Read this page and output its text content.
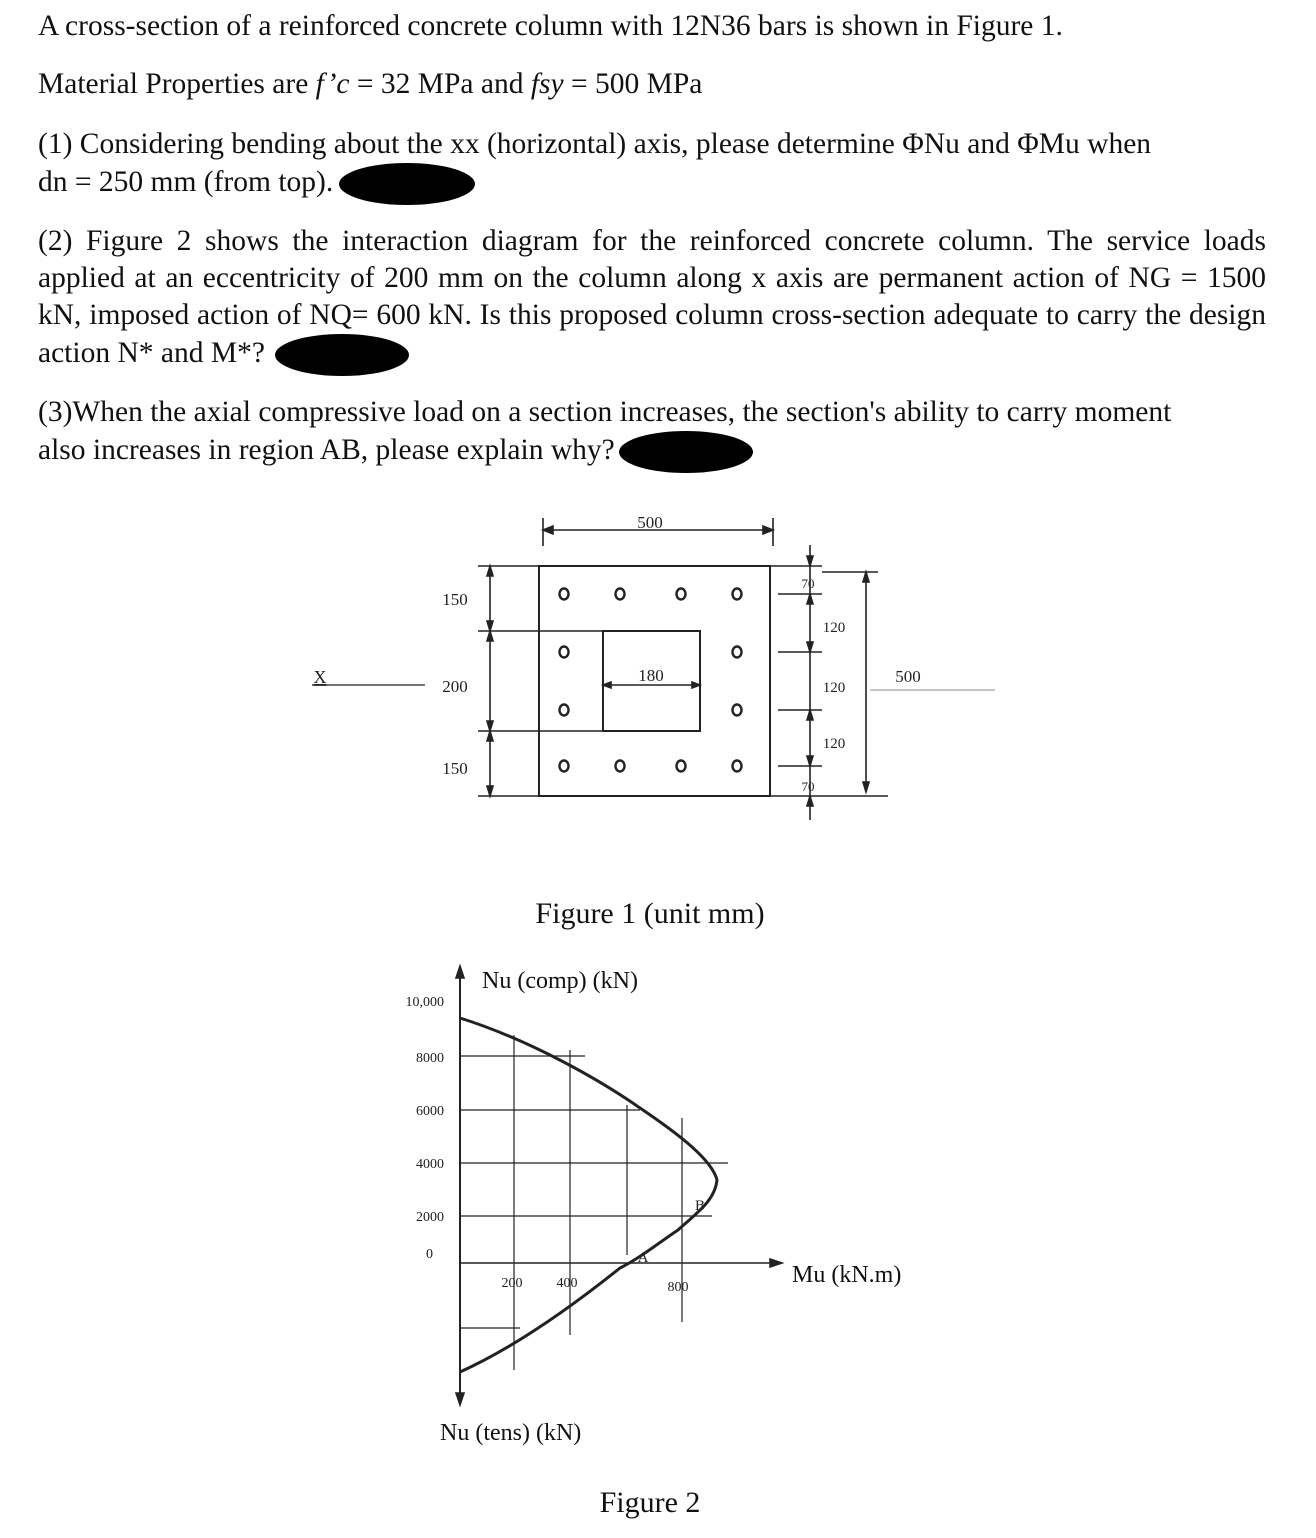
A cross-section of a reinforced concrete column with 12N36 bars is shown in Figure 1.

Material Properties are f’c = 32 MPa and fsy = 500 MPa

(1) Considering bending about the xx (horizontal) axis, please determine ΦNu and ΦMu when
dn = 250 mm (from top).
(2) Figure 2 shows the interaction diagram for the reinforced concrete column. The service loads applied at an eccentricity of 200 mm on the column along x axis are permanent action of NG = 1500 kN, imposed action of NQ= 600 kN. Is this proposed column cross-section adequate to carry the design action N* and M*?
(3)When the axial compressive load on a section increases, the section's ability to carry moment
also increases in region AB, please explain why?
500
180
X
150
200
150
70
120
120
120
70
500
Figure 1 (unit mm)
10,000
8000
6000
4000
2000
0
200 400	800
A
B
Nu (comp) (kN)
Nu (tens) (kN)
Mu (kN.m)
Figure 2
